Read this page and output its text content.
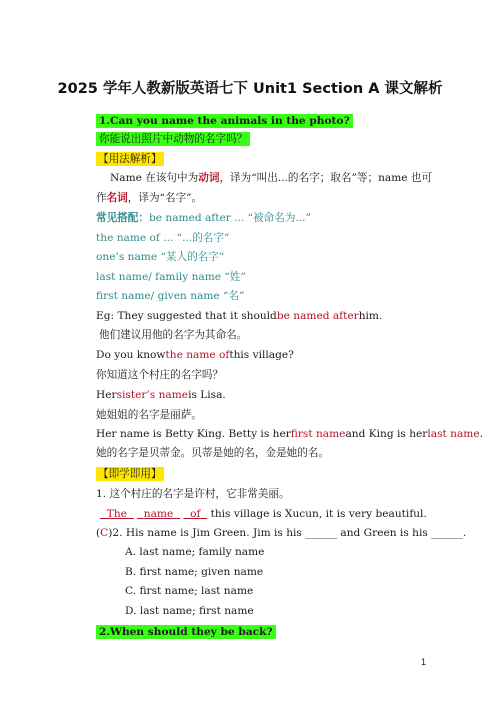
2025 学年人教新版英语七下 Unit1 Section A 课文解析
1.Can you name the animals in the photo?
你能说出照片中动物的名字吗？
【用法解析】
Name 在该句中为动词，译为“叫出...的名字；取名”等；name 也可
作名词，译为“名字”。
常见搭配：be named after ... “被命名为...”
the name of ... “...的名字”
one’s name “某人的名字”
last name/ family name “姓”
first name/ given name “名”
Eg: They suggested that it shouldbe named afterhim.
他们建议用他的名字为其命名。
Do you knowthe name ofthis village?
你知道这个村庄的名字吗？
Hersister’s nameis Lisa.
她姐姐的名字是丽萨。
Her name is Betty King. Betty is herfirst nameand King is herlast name.
她的名字是贝蒂金。贝蒂是她的名，金是她的名。
【即学即用】
1. 这个村庄的名字是许村，它非常美丽。
The name of this village is Xucun, it is very beautiful.
(C)2. His name is Jim Green. Jim is his ______ and Green is his ______.
A. last name; family name
B. first name; given name
C. first name; last name
D. last name; first name
2.When should they be back?
1
